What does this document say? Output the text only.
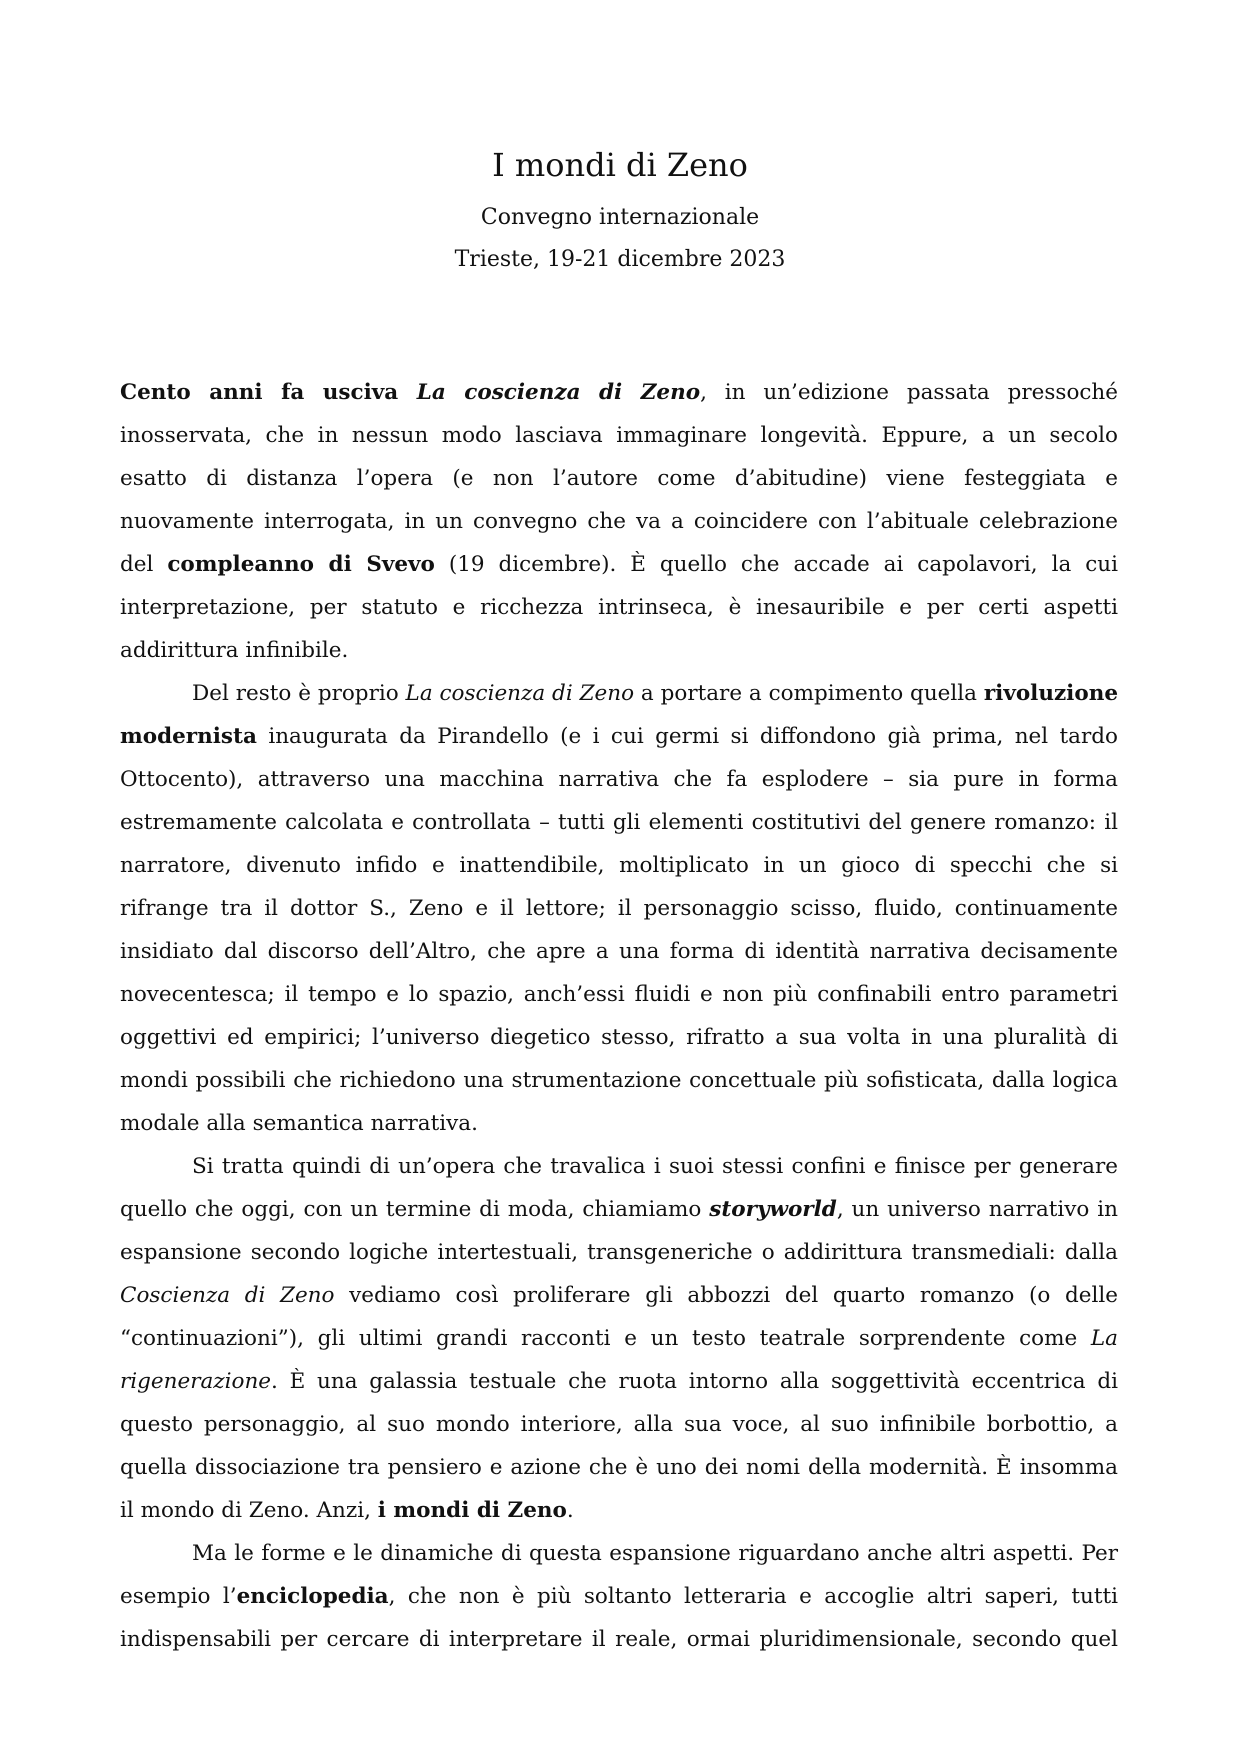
I mondi di Zeno
Convegno internazionale
Trieste, 19-21 dicembre 2023

Cento anni fa usciva La coscienza di Zeno, in un’edizione passata pressoché inosservata, che in nessun modo lasciava immaginare longevità. Eppure, a un secolo esatto di distanza l’opera (e non l’autore come d’abitudine) viene festeggiata e nuovamente interrogata, in un convegno che va a coincidere con l’abituale celebrazione del compleanno di Svevo (19 dicembre). È quello che accade ai capolavori, la cui interpretazione, per statuto e ricchezza intrinseca, è inesauribile e per certi aspetti addirittura infinibile.

Del resto è proprio La coscienza di Zeno a portare a compimento quella rivoluzione modernista inaugurata da Pirandello (e i cui germi si diffondono già prima, nel tardo Ottocento), attraverso una macchina narrativa che fa esplodere – sia pure in forma estremamente calcolata e controllata – tutti gli elementi costitutivi del genere romanzo: il narratore, divenuto infido e inattendibile, moltiplicato in un gioco di specchi che si rifrange tra il dottor S., Zeno e il lettore; il personaggio scisso, fluido, continuamente insidiato dal discorso dell’Altro, che apre a una forma di identità narrativa decisamente novecentesca; il tempo e lo spazio, anch’essi fluidi e non più confinabili entro parametri oggettivi ed empirici; l’universo diegetico stesso, rifratto a sua volta in una pluralità di mondi possibili che richiedono una strumentazione concettuale più sofisticata, dalla logica modale alla semantica narrativa.

Si tratta quindi di un’opera che travalica i suoi stessi confini e finisce per generare quello che oggi, con un termine di moda, chiamiamo storyworld, un universo narrativo in espansione secondo logiche intertestuali, transgeneriche o addirittura transmediali: dalla Coscienza di Zeno vediamo così proliferare gli abbozzi del quarto romanzo (o delle “continuazioni”), gli ultimi grandi racconti e un testo teatrale sorprendente come La rigenerazione. È una galassia testuale che ruota intorno alla soggettività eccentrica di questo personaggio, al suo mondo interiore, alla sua voce, al suo infinibile borbottio, a quella dissociazione tra pensiero e azione che è uno dei nomi della modernità. È insomma il mondo di Zeno. Anzi, i mondi di Zeno.

Ma le forme e le dinamiche di questa espansione riguardano anche altri aspetti. Per esempio l’enciclopedia, che non è più soltanto letteraria e accoglie altri saperi, tutti indispensabili per cercare di interpretare il reale, ormai pluridimensionale, secondo quel
